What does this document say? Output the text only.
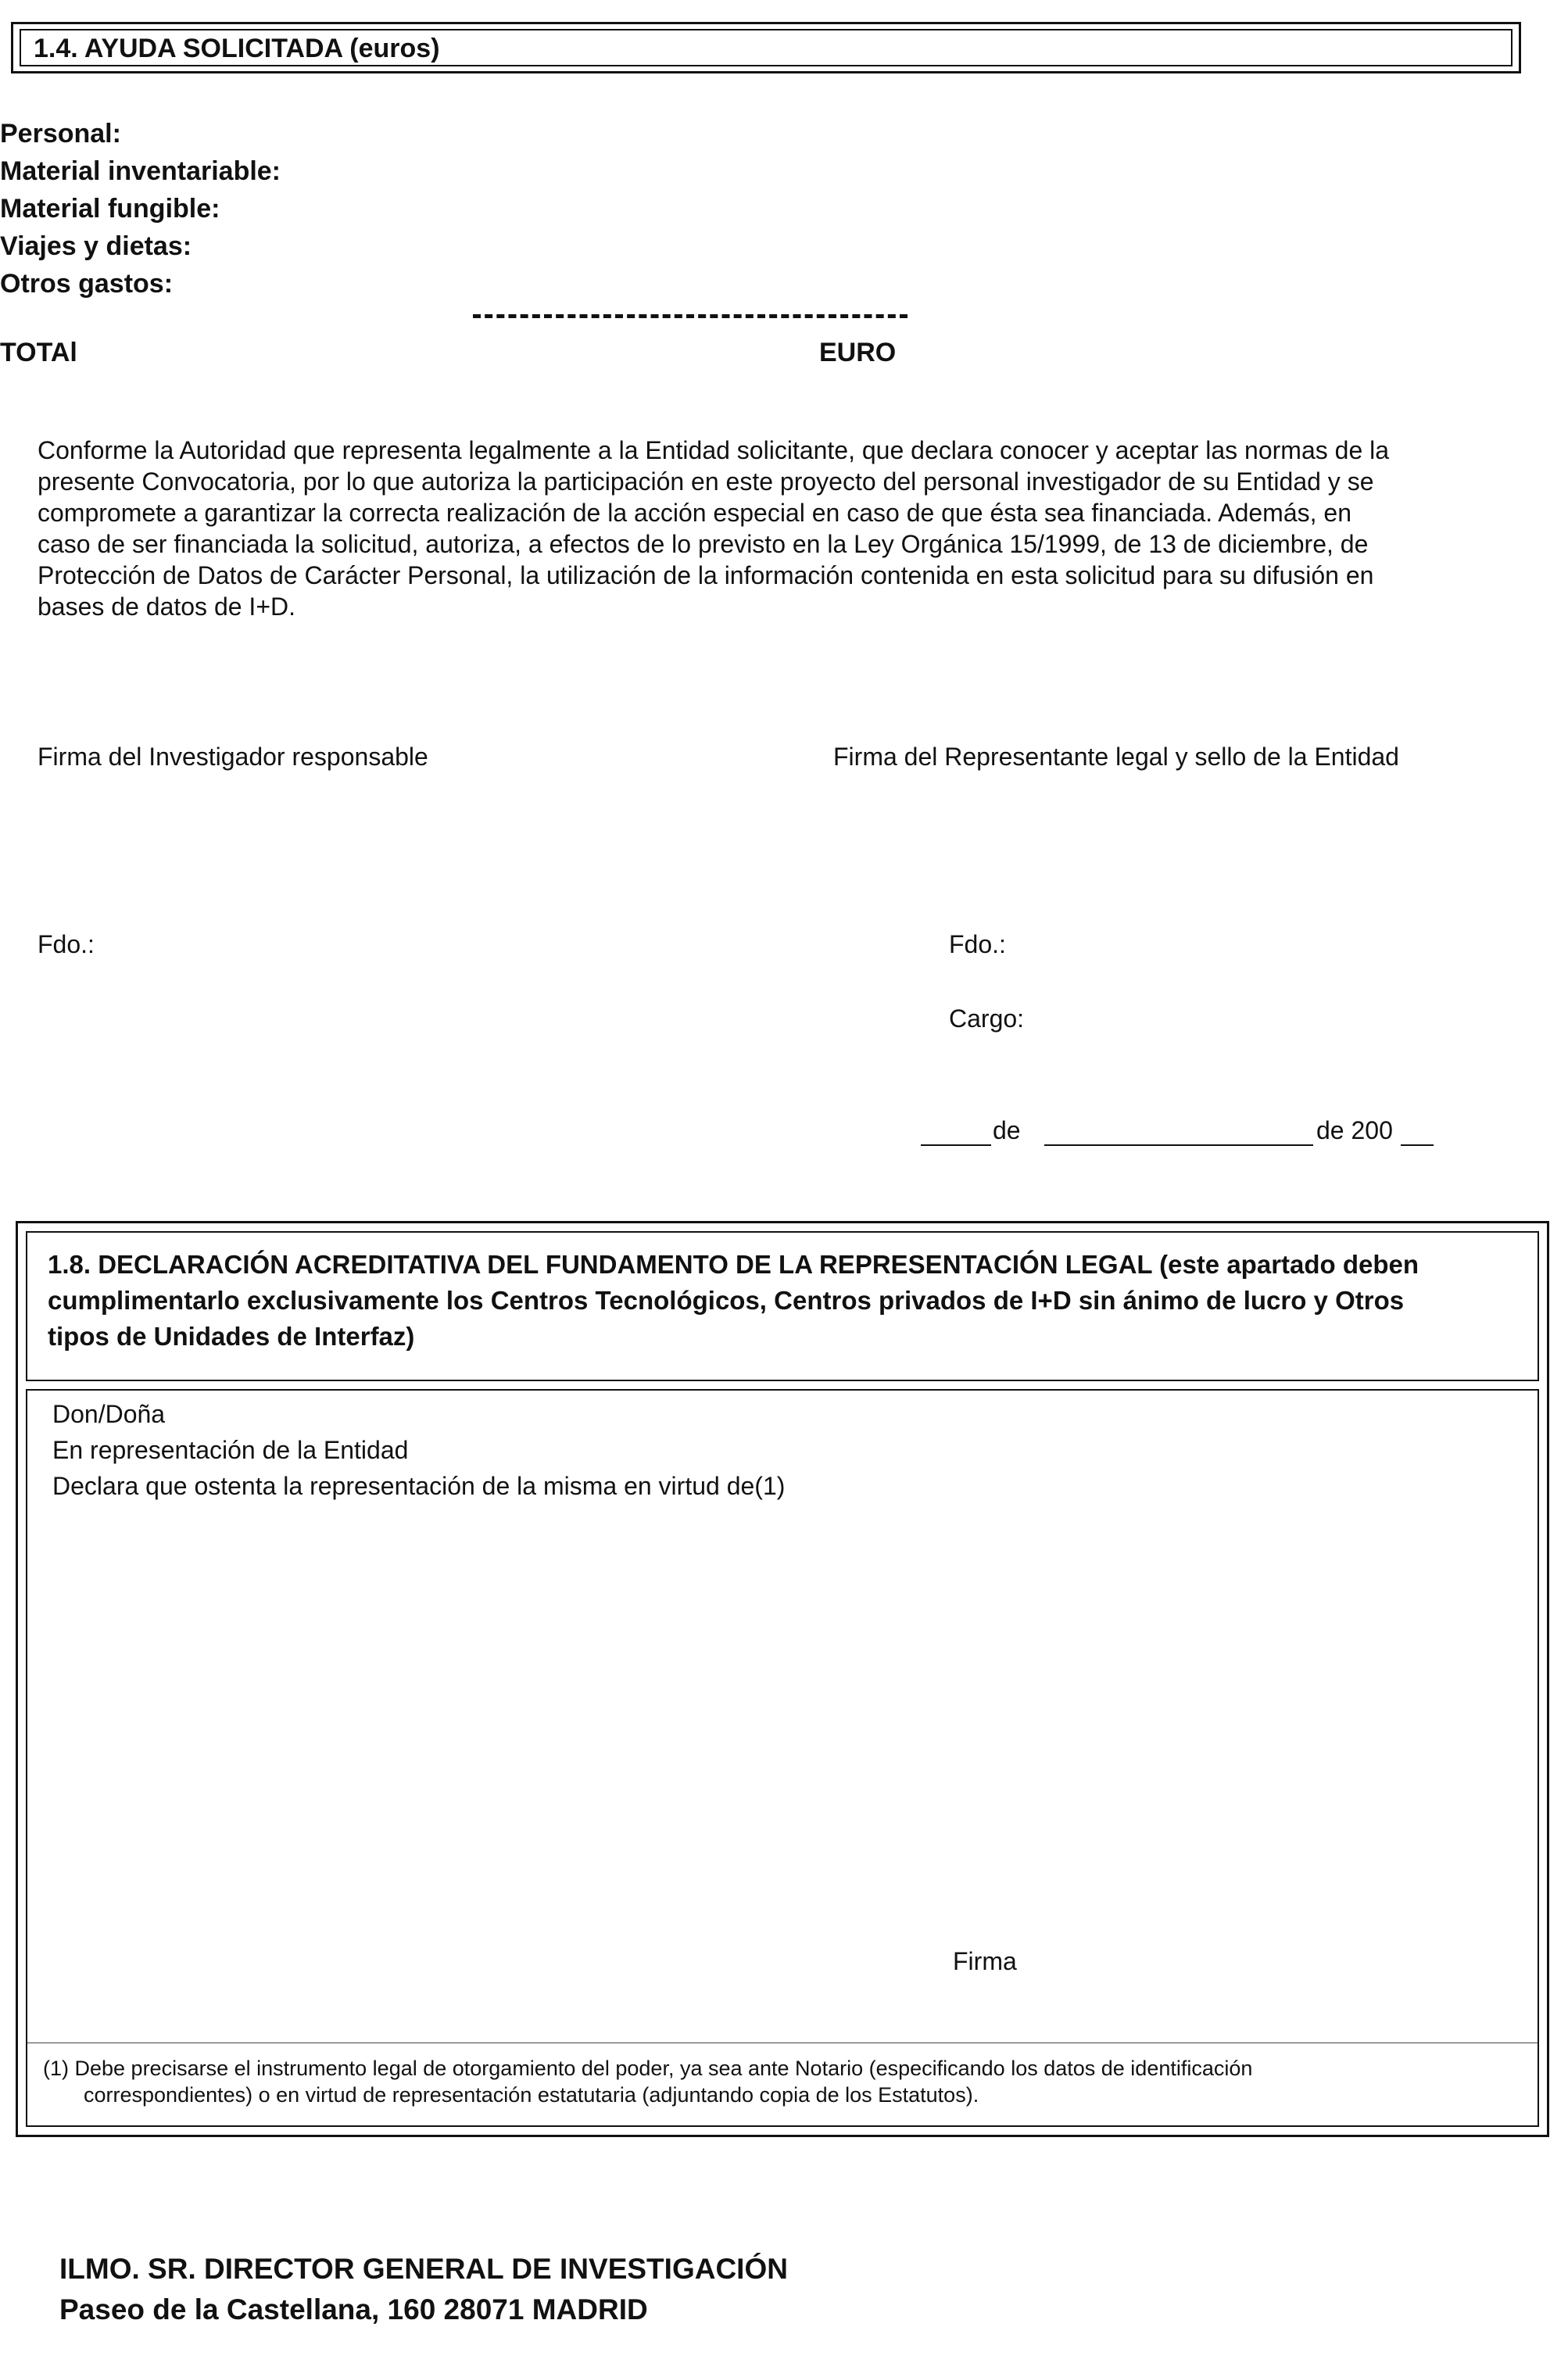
1.4. AYUDA SOLICITADA (euros)
Personal:
Material inventariable:
Material fungible:
Viajes y dietas:
Otros gastos:
TOTAl	EURO
Conforme la Autoridad que representa legalmente a la Entidad solicitante, que declara conocer y aceptar las normas de la
presente Convocatoria, por lo que autoriza la participación en este proyecto del personal investigador de su Entidad y se
compromete a garantizar la correcta realización de la acción especial en caso de que ésta sea financiada. Además, en
caso de ser financiada la solicitud, autoriza, a efectos de lo previsto en la Ley Orgánica 15/1999, de 13 de diciembre, de
Protección de Datos de Carácter Personal, la utilización de la información contenida en esta solicitud para su difusión en
bases de datos de I+D.
Firma del Investigador responsable	Firma del Representante legal y sello de la Entidad
Fdo.:	Fdo.:
Cargo:
de	de 200
1.8. DECLARACIÓN ACREDITATIVA DEL FUNDAMENTO DE LA REPRESENTACIÓN LEGAL (este apartado deben
cumplimentarlo exclusivamente los Centros Tecnológicos, Centros privados de I+D sin ánimo de lucro y Otros
tipos de Unidades de Interfaz)
Don/Doña
En representación de la Entidad
Declara que ostenta la representación de la misma en virtud de(1)
Firma
(1) Debe precisarse el instrumento legal de otorgamiento del poder, ya sea ante Notario (especificando los datos de identificación
correspondientes) o en virtud de representación estatutaria (adjuntando copia de los Estatutos).
ILMO. SR. DIRECTOR GENERAL DE INVESTIGACIÓN
Paseo de la Castellana, 160 28071 MADRID
